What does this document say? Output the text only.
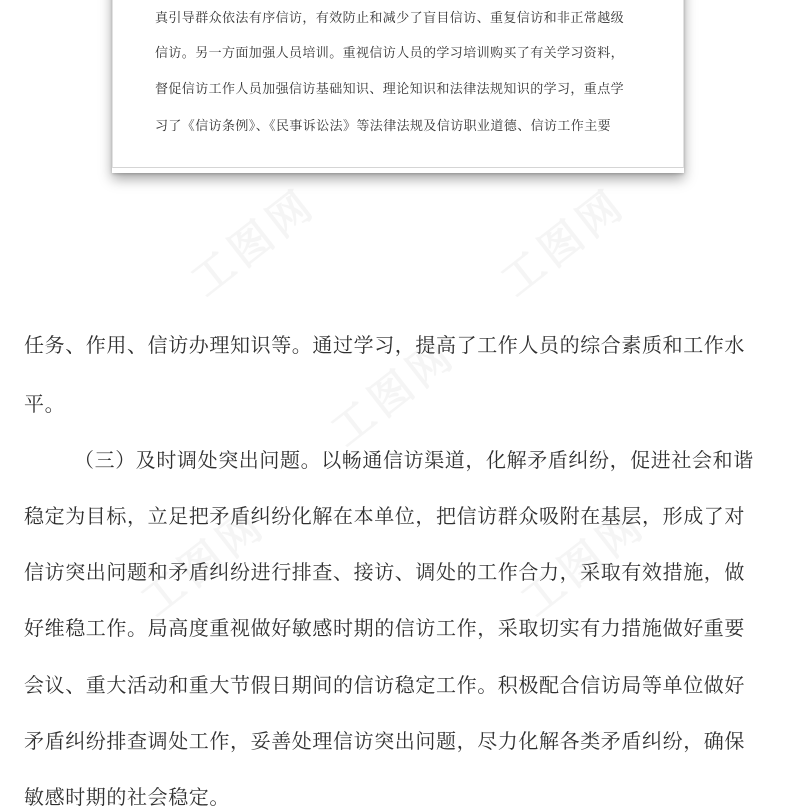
工图网	工图网
工图网
工图网	工图网
真引导群众依法有序信访，有效防止和减少了盲目信访、重复信访和非正常越级
信访。另一方面加强人员培训。重视信访人员的学习培训购买了有关学习资料，
督促信访工作人员加强信访基础知识、理论知识和法律法规知识的学习，重点学
习了《信访条例》、《民事诉讼法》等法律法规及信访职业道德、信访工作主要
任务、作用、信访办理知识等。通过学习，提高了工作人员的综合素质和工作水
平。
（三）及时调处突出问题。以畅通信访渠道，化解矛盾纠纷，促进社会和谐
稳定为目标，立足把矛盾纠纷化解在本单位，把信访群众吸附在基层，形成了对
信访突出问题和矛盾纠纷进行排查、接访、调处的工作合力，采取有效措施，做
好维稳工作。局高度重视做好敏感时期的信访工作，采取切实有力措施做好重要
会议、重大活动和重大节假日期间的信访稳定工作。积极配合信访局等单位做好
矛盾纠纷排查调处工作，妥善处理信访突出问题，尽力化解各类矛盾纠纷，确保
敏感时期的社会稳定。
